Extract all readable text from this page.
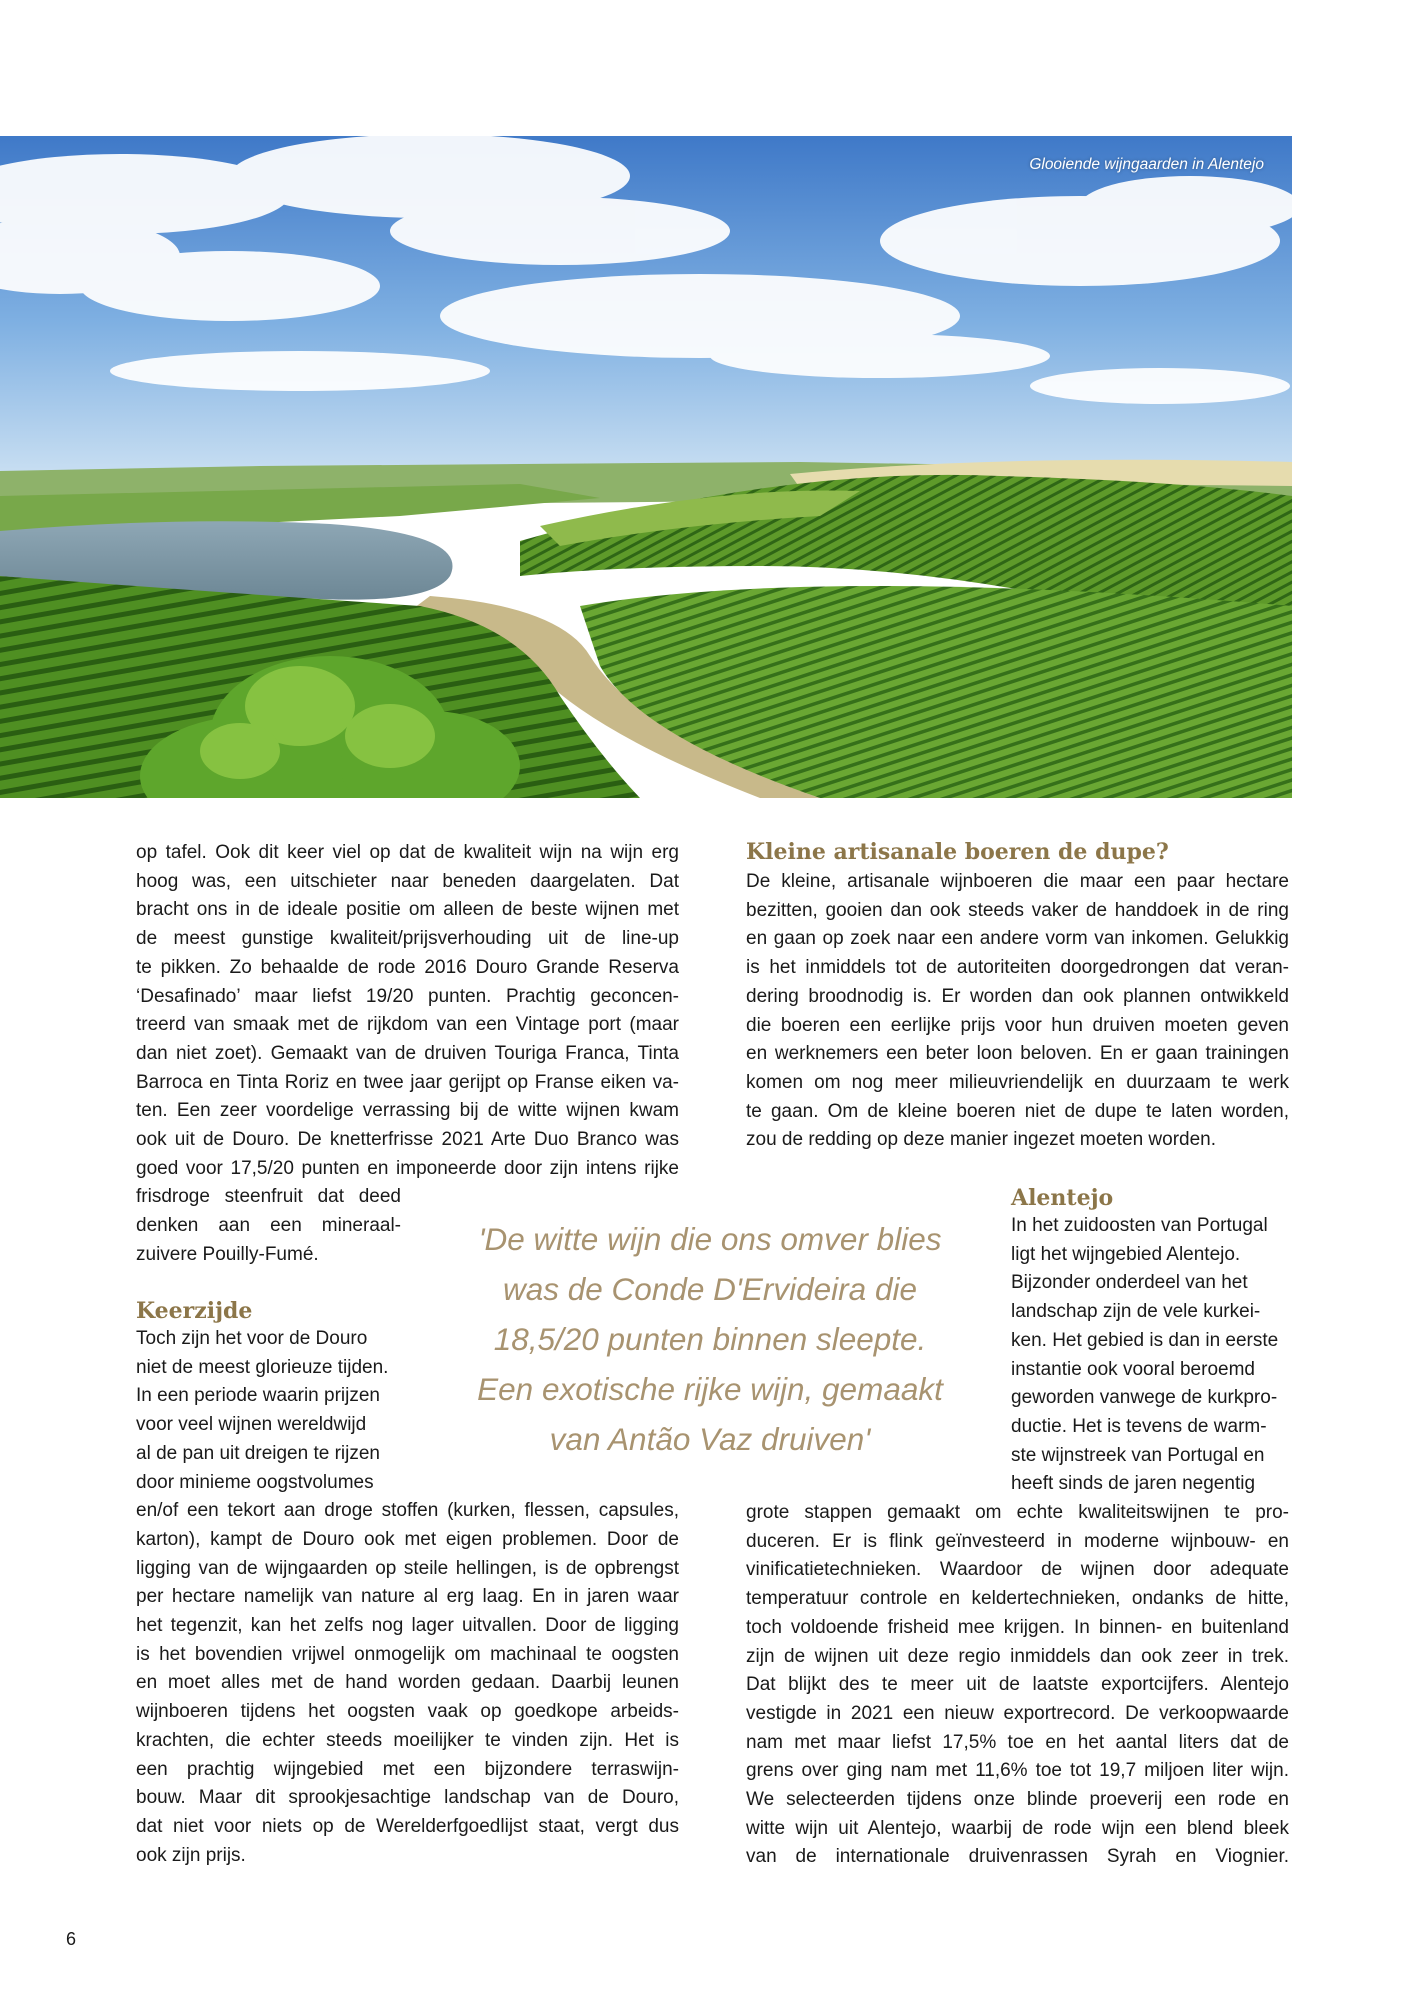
Glooiende wijngaarden in Alentejo
op tafel. Ook dit keer viel op dat de kwaliteit wijn na wijn erg
hoog was, een uitschieter naar beneden daargelaten. Dat
bracht ons in de ideale positie om alleen de beste wijnen met
de meest gunstige kwaliteit/prijsverhouding uit de line-up
te pikken. Zo behaalde de rode 2016 Douro Grande Reserva
‘Desafinado’ maar liefst 19/20 punten. Prachtig geconcen-
treerd van smaak met de rijkdom van een Vintage port (maar
dan niet zoet). Gemaakt van de druiven Touriga Franca, Tinta
Barroca en Tinta Roriz en twee jaar gerijpt op Franse eiken va-
ten. Een zeer voordelige verrassing bij de witte wijnen kwam
ook uit de Douro. De knetterfrisse 2021 Arte Duo Branco was
goed voor 17,5/20 punten en imponeerde door zijn intens rijke
frisdroge steenfruit dat deed
denken aan een mineraal-
zuivere Pouilly-Fumé.
Keerzijde
Toch zijn het voor de Douro
niet de meest glorieuze tijden.
In een periode waarin prijzen
voor veel wijnen wereldwijd
al de pan uit dreigen te rijzen
door minieme oogstvolumes
en/of een tekort aan droge stoffen (kurken, flessen, capsules,
karton), kampt de Douro ook met eigen problemen. Door de
ligging van de wijngaarden op steile hellingen, is de opbrengst
per hectare namelijk van nature al erg laag. En in jaren waar
het tegenzit, kan het zelfs nog lager uitvallen. Door de ligging
is het bovendien vrijwel onmogelijk om machinaal te oogsten
en moet alles met de hand worden gedaan. Daarbij leunen
wijnboeren tijdens het oogsten vaak op goedkope arbeids-
krachten, die echter steeds moeilijker te vinden zijn. Het is
een prachtig wijngebied met een bijzondere terraswijn-
bouw. Maar dit sprookjesachtige landschap van de Douro,
dat niet voor niets op de Werelderfgoedlijst staat, vergt dus
ook zijn prijs.
'De witte wijn die ons omver blies
was de Conde D'Ervideira die
18,5/20 punten binnen sleepte.
Een exotische rijke wijn, gemaakt
van Antão Vaz druiven'
Kleine artisanale boeren de dupe?
De kleine, artisanale wijnboeren die maar een paar hectare
bezitten, gooien dan ook steeds vaker de handdoek in de ring
en gaan op zoek naar een andere vorm van inkomen. Gelukkig
is het inmiddels tot de autoriteiten doorgedrongen dat veran-
dering broodnodig is. Er worden dan ook plannen ontwikkeld
die boeren een eerlijke prijs voor hun druiven moeten geven
en werknemers een beter loon beloven. En er gaan trainingen
komen om nog meer milieuvriendelijk en duurzaam te werk
te gaan. Om de kleine boeren niet de dupe te laten worden,
zou de redding op deze manier ingezet moeten worden.
Alentejo
In het zuidoosten van Portugal
ligt het wijngebied Alentejo.
Bijzonder onderdeel van het
landschap zijn de vele kurkei-
ken. Het gebied is dan in eerste
instantie ook vooral beroemd
geworden vanwege de kurkpro-
ductie. Het is tevens de warm-
ste wijnstreek van Portugal en
heeft sinds de jaren negentig
grote stappen gemaakt om echte kwaliteitswijnen te pro-
duceren. Er is flink geïnvesteerd in moderne wijnbouw- en
vinificatietechnieken. Waardoor de wijnen door adequate
temperatuur controle en keldertechnieken, ondanks de hitte,
toch voldoende frisheid mee krijgen. In binnen- en buitenland
zijn de wijnen uit deze regio inmiddels dan ook zeer in trek.
Dat blijkt des te meer uit de laatste exportcijfers. Alentejo
vestigde in 2021 een nieuw exportrecord. De verkoopwaarde
nam met maar liefst 17,5% toe en het aantal liters dat de
grens over ging nam met 11,6% toe tot 19,7 miljoen liter wijn.
We selecteerden tijdens onze blinde proeverij een rode en
witte wijn uit Alentejo, waarbij de rode wijn een blend bleek
van de internationale druivenrassen Syrah en Viognier.
6
